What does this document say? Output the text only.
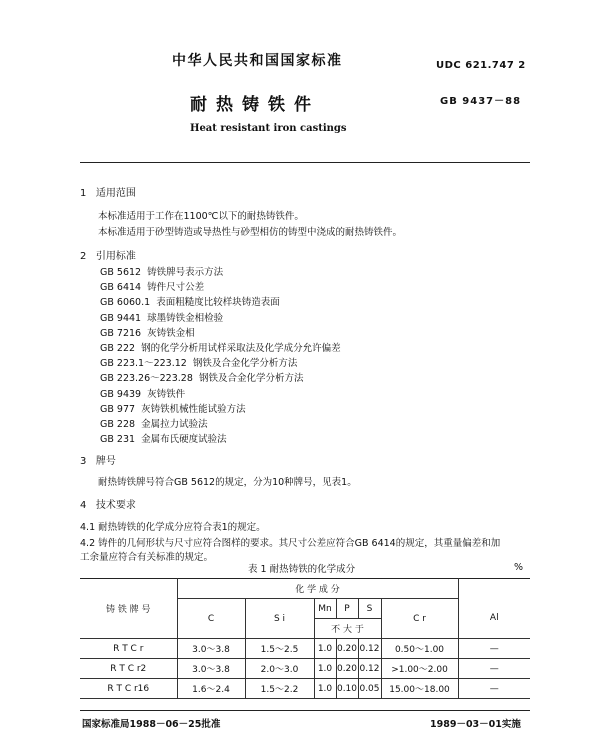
中华人民共和国国家标准	UDC 621.747 2
耐热铸铁件	GB 9437－88
Heat resistant iron castings
1 适用范围
本标准适用于工作在1100℃以下的耐热铸铁件。
本标准适用于砂型铸造或导热性与砂型相仿的铸型中浇成的耐热铸铁件。
2 引用标准
GB 5612 铸铁牌号表示方法
GB 6414 铸件尺寸公差
GB 6060.1 表面粗糙度比较样块铸造表面
GB 9441 球墨铸铁金相检验
GB 7216 灰铸铁金相
GB 222 钢的化学分析用试样采取法及化学成分允许偏差
GB 223.1～223.12 钢铁及合金化学分析方法
GB 223.26～223.28 钢铁及合金化学分析方法
GB 9439 灰铸铁件
GB 977 灰铸铁机械性能试验方法
GB 228 金属拉力试验法
GB 231 金属布氏硬度试验法
3 牌号
耐热铸铁牌号符合GB 5612的规定，分为10种牌号，见表1。
4 技术要求
4.1 耐热铸铁的化学成分应符合表1的规定。
4.2 铸件的几何形状与尺寸应符合图样的要求。其尺寸公差应符合GB 6414的规定，其重量偏差和加
工余量应符合有关标准的规定。
表 1 耐热铸铁的化学成分	%
铸 铁 牌 号	化 学 成 分						
	C	S i	Mn	P	S	C r	Al
			不 大 于				
R T C r	3.0～3.8	1.5～2.5	1.0	0.20	0.12	0.50～1.00	—
R T C r2	3.0～3.8	2.0～3.0	1.0	0.20	0.12	>1.00～2.00	—
R T C r16	1.6～2.4	1.5～2.2	1.0	0.10	0.05	15.00～18.00	—
国家标准局1988－06－25批准	1989－03－01实施
